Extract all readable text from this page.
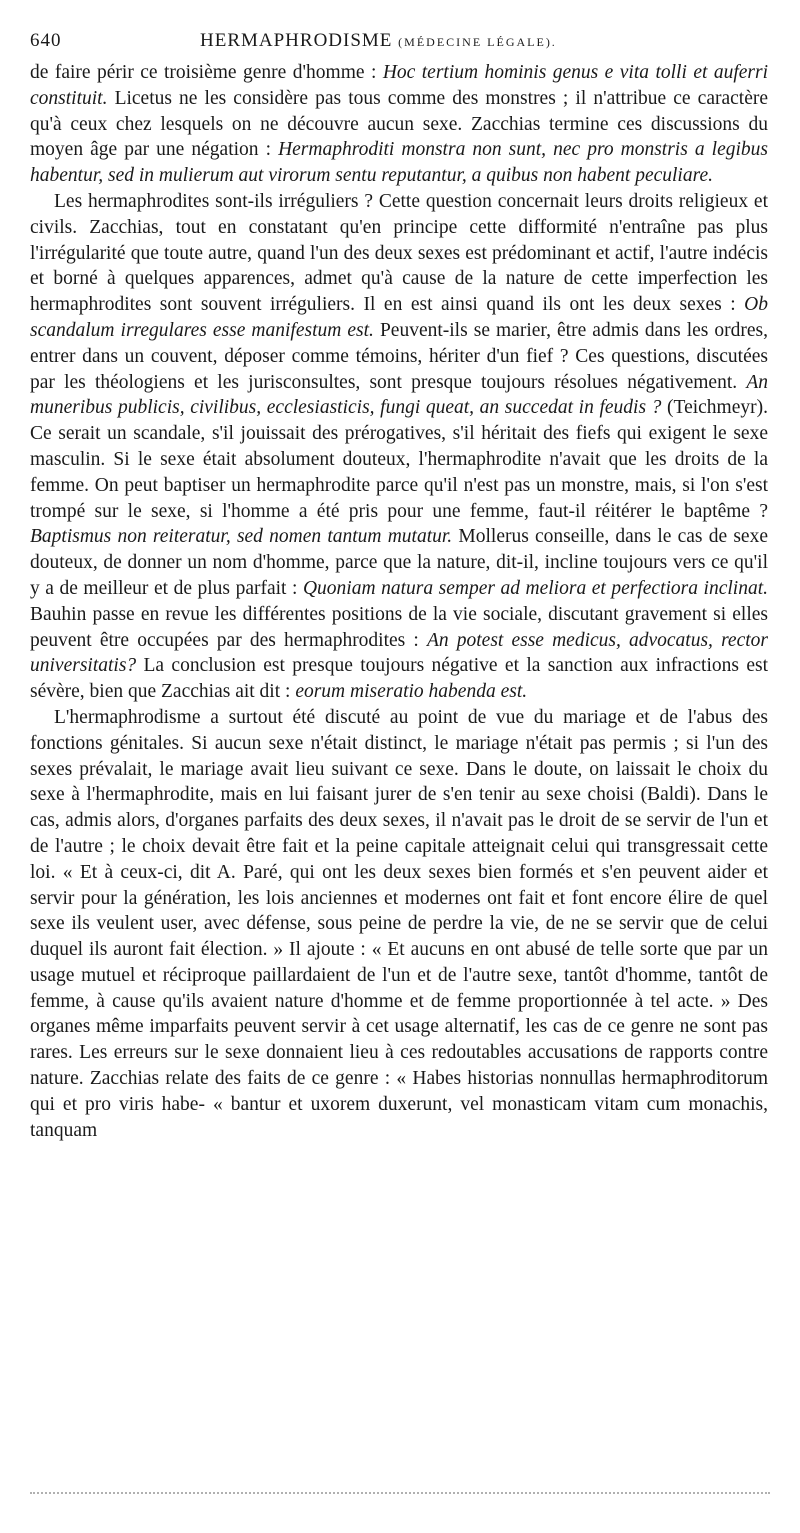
640	HERMAPHRODISME (MÉDECINE LÉGALE).

de faire périr ce troisième genre d'homme : Hoc tertium hominis genus e vita tolli et auferri constituit. Licetus ne les considère pas tous comme des monstres ; il n'attribue ce caractère qu'à ceux chez lesquels on ne découvre aucun sexe. Zacchias termine ces discussions du moyen âge par une négation : Hermaphroditi monstra non sunt, nec pro monstris a legibus habentur, sed in mulierum aut virorum sentu reputantur, a quibus non habent peculiare.

Les hermaphrodites sont-ils irréguliers ? Cette question concernait leurs droits religieux et civils. Zacchias, tout en constatant qu'en principe cette difformité n'entraîne pas plus l'irrégularité que toute autre, quand l'un des deux sexes est prédominant et actif, l'autre indécis et borné à quelques apparences, admet qu'à cause de la nature de cette imperfection les hermaphrodites sont souvent irréguliers. Il en est ainsi quand ils ont les deux sexes : Ob scandalum irregulares esse manifestum est. Peuvent-ils se marier, être admis dans les ordres, entrer dans un couvent, déposer comme témoins, hériter d'un fief ? Ces questions, discutées par les théologiens et les jurisconsultes, sont presque toujours résolues négativement. An muneribus publicis, civilibus, ecclesiasticis, fungi queat, an succedat in feudis ? (Teichmeyr). Ce serait un scandale, s'il jouissait des prérogatives, s'il héritait des fiefs qui exigent le sexe masculin. Si le sexe était absolument douteux, l'hermaphrodite n'avait que les droits de la femme. On peut baptiser un hermaphrodite parce qu'il n'est pas un monstre, mais, si l'on s'est trompé sur le sexe, si l'homme a été pris pour une femme, faut-il réitérer le baptême ? Baptismus non reiteratur, sed nomen tantum mutatur. Mollerus conseille, dans le cas de sexe douteux, de donner un nom d'homme, parce que la nature, dit-il, incline toujours vers ce qu'il y a de meilleur et de plus parfait : Quoniam natura semper ad meliora et perfectiora inclinat. Bauhin passe en revue les différentes positions de la vie sociale, discutant gravement si elles peuvent être occupées par des hermaphrodites : An potest esse medicus, advocatus, rector universitatis? La conclusion est presque toujours négative et la sanction aux infractions est sévère, bien que Zacchias ait dit : eorum miseratio habenda est.

L'hermaphrodisme a surtout été discuté au point de vue du mariage et de l'abus des fonctions génitales. Si aucun sexe n'était distinct, le mariage n'était pas permis ; si l'un des sexes prévalait, le mariage avait lieu suivant ce sexe. Dans le doute, on laissait le choix du sexe à l'hermaphrodite, mais en lui faisant jurer de s'en tenir au sexe choisi (Baldi). Dans le cas, admis alors, d'organes parfaits des deux sexes, il n'avait pas le droit de se servir de l'un et de l'autre ; le choix devait être fait et la peine capitale atteignait celui qui transgressait cette loi. « Et à ceux-ci, dit A. Paré, qui ont les deux sexes bien formés et s'en peuvent aider et servir pour la génération, les lois anciennes et modernes ont fait et font encore élire de quel sexe ils veulent user, avec défense, sous peine de perdre la vie, de ne se servir que de celui duquel ils auront fait élection. » Il ajoute : « Et aucuns en ont abusé de telle sorte que par un usage mutuel et réciproque paillardaient de l'un et de l'autre sexe, tantôt d'homme, tantôt de femme, à cause qu'ils avaient nature d'homme et de femme proportionnée à tel acte. » Des organes même imparfaits peuvent servir à cet usage alternatif, les cas de ce genre ne sont pas rares. Les erreurs sur le sexe donnaient lieu à ces redoutables accusations de rapports contre nature. Zacchias relate des faits de ce genre : « Habes historias nonnullas hermaphroditorum qui et pro viris habe- « bantur et uxorem duxerunt, vel monasticam vitam cum monachis, tanquam
